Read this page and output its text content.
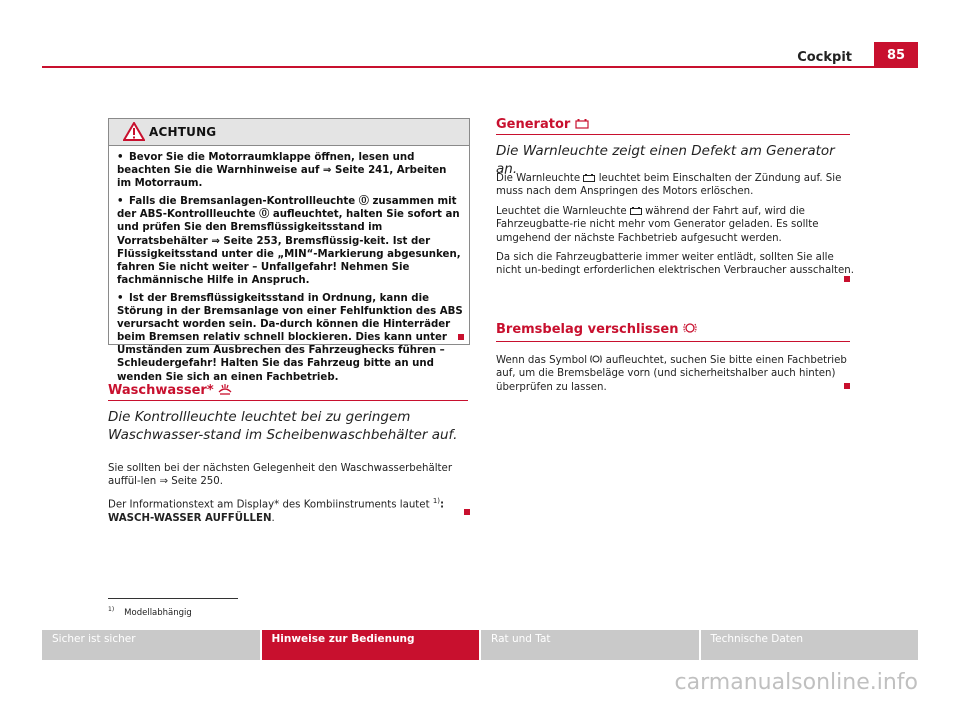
Cockpit	85
ACHTUNG

• Bevor Sie die Motorraumklappe öffnen, lesen und beachten Sie die Warnhinweise auf ⇒ Seite 241, Arbeiten im Motorraum.

• Falls die Bremsanlagen-Kontrollleuchte ⓪ zusammen mit der ABS-Kontrollleuchte ⓪ aufleuchtet, halten Sie sofort an und prüfen Sie den Bremsflüssigkeitsstand im Vorratsbehälter ⇒ Seite 253, Bremsflüssig-keit. Ist der Flüssigkeitsstand unter die „MIN“-Markierung abgesunken, fahren Sie nicht weiter – Unfallgefahr! Nehmen Sie fachmännische Hilfe in Anspruch.

• Ist der Bremsflüssigkeitsstand in Ordnung, kann die Störung in der Bremsanlage von einer Fehlfunktion des ABS verursacht worden sein. Da-durch können die Hinterräder beim Bremsen relativ schnell blockieren. Dies kann unter Umständen zum Ausbrechen des Fahrzeughecks führen – Schleudergefahr! Halten Sie das Fahrzeug bitte an und wenden Sie sich an einen Fachbetrieb.

Waschwasser*
Die Kontrollleuchte leuchtet bei zu geringem Waschwasser-stand im Scheibenwaschbehälter auf.

Sie sollten bei der nächsten Gelegenheit den Waschwasserbehälter auffül-len ⇒ Seite 250.

Der Informationstext am Display* des Kombiinstruments lautet $^{1)}$: WASCH-WASSER AUFFÜLLEN.

Generator
Die Warnleuchte zeigt einen Defekt am Generator an.

Die Warnleuchte leuchtet beim Einschalten der Zündung auf. Sie muss nach dem Anspringen des Motors erlöschen.

Leuchtet die Warnleuchte während der Fahrt auf, wird die Fahrzeugbatte-rie nicht mehr vom Generator geladen. Es sollte umgehend der nächste Fachbetrieb aufgesucht werden.

Da sich die Fahrzeugbatterie immer weiter entlädt, sollten Sie alle nicht un-bedingt erforderlichen elektrischen Verbraucher ausschalten.

Bremsbelag verschlissen

Wenn das Symbol aufleuchtet, suchen Sie bitte einen Fachbetrieb auf, um die Bremsbeläge vorn (und sicherheitshalber auch hinten) überprüfen zu lassen.

$^{1)}$ Modellabhängig
Sicher ist sicher	Hinweise zur Bedienung	Rat und Tat	Technische Daten
carmanualsonline.info
